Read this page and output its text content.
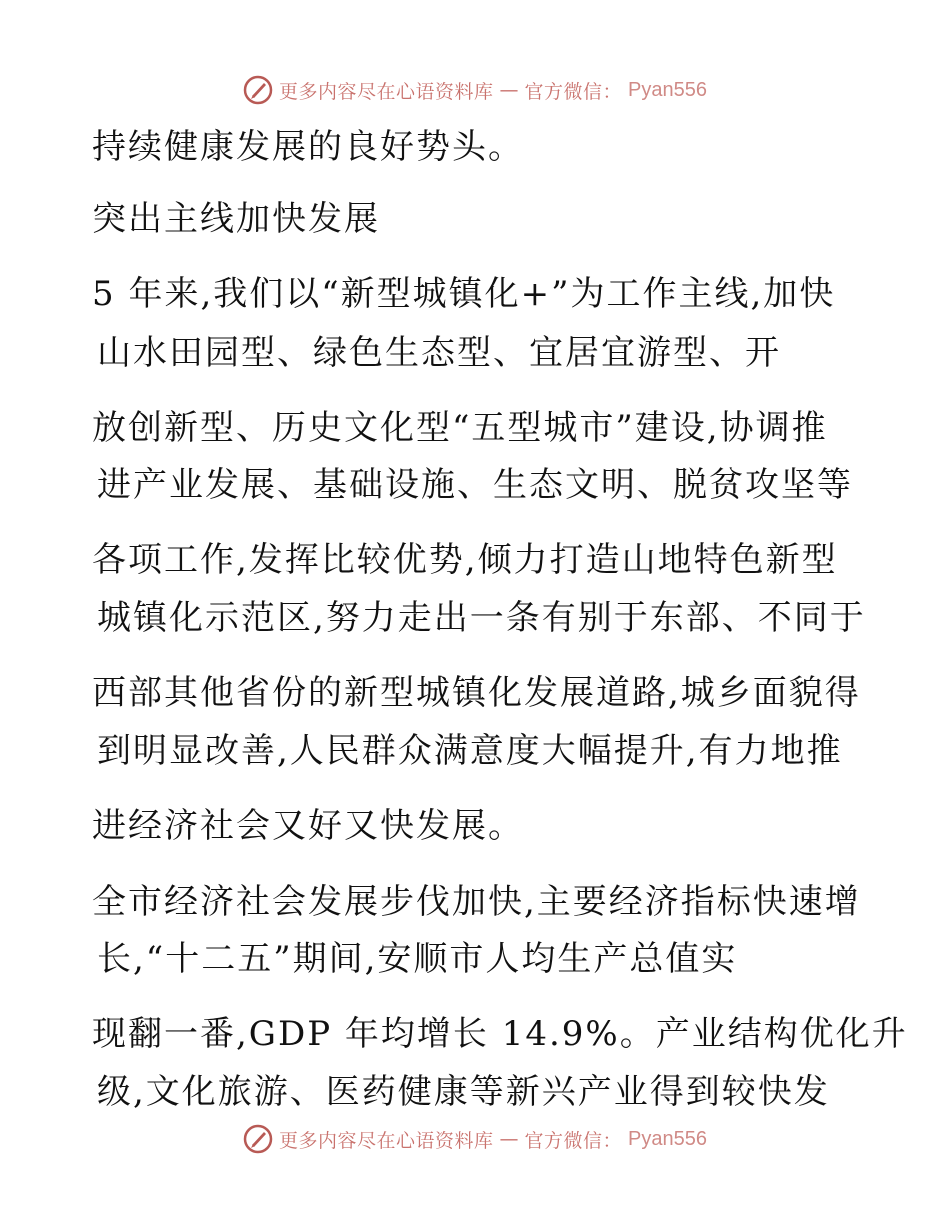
更多内容尽在心语资料库 — 官方微信： Pyan556
持续健康发展的良好势头。
突出主线加快发展
5 年来,我们以“新型城镇化+”为工作主线,加快
山水田园型、绿色生态型、宜居宜游型、开
放创新型、历史文化型“五型城市”建设,协调推
进产业发展、基础设施、生态文明、脱贫攻坚等
各项工作,发挥比较优势,倾力打造山地特色新型
城镇化示范区,努力走出一条有别于东部、不同于
西部其他省份的新型城镇化发展道路,城乡面貌得
到明显改善,人民群众满意度大幅提升,有力地推
进经济社会又好又快发展。
全市经济社会发展步伐加快,主要经济指标快速增
长,“十二五”期间,安顺市人均生产总值实
现翻一番,GDP 年均增长 14.9%。产业结构优化升
级,文化旅游、医药健康等新兴产业得到较快发
更多内容尽在心语资料库 — 官方微信： Pyan556
